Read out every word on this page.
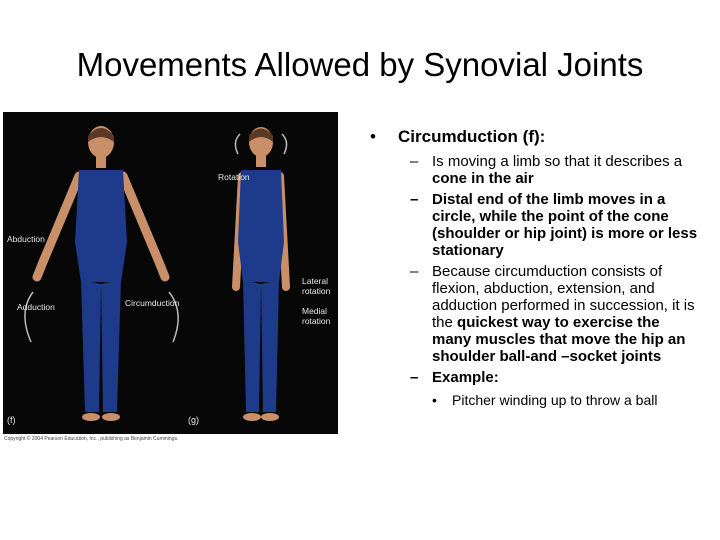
Movements Allowed by Synovial Joints
Abduction
Adduction
(f)
Rotation
Lateral
rotation
Medial
rotation
(g)
Circumduction
Copyright © 2004 Pearson Education, Inc., publishing as Benjamin Cummings.
• Circumduction (f):
– Is moving a limb so that it describes a cone in the air
– Distal end of the limb moves in a circle, while the point of the cone (shoulder or hip joint) is more or less stationary
– Because circumduction consists of flexion, abduction, extension, and adduction performed in succession, it is the quickest way to exercise the many muscles that move the hip an shoulder ball-and –socket joints
– Example:
• Pitcher winding up to throw a ball
